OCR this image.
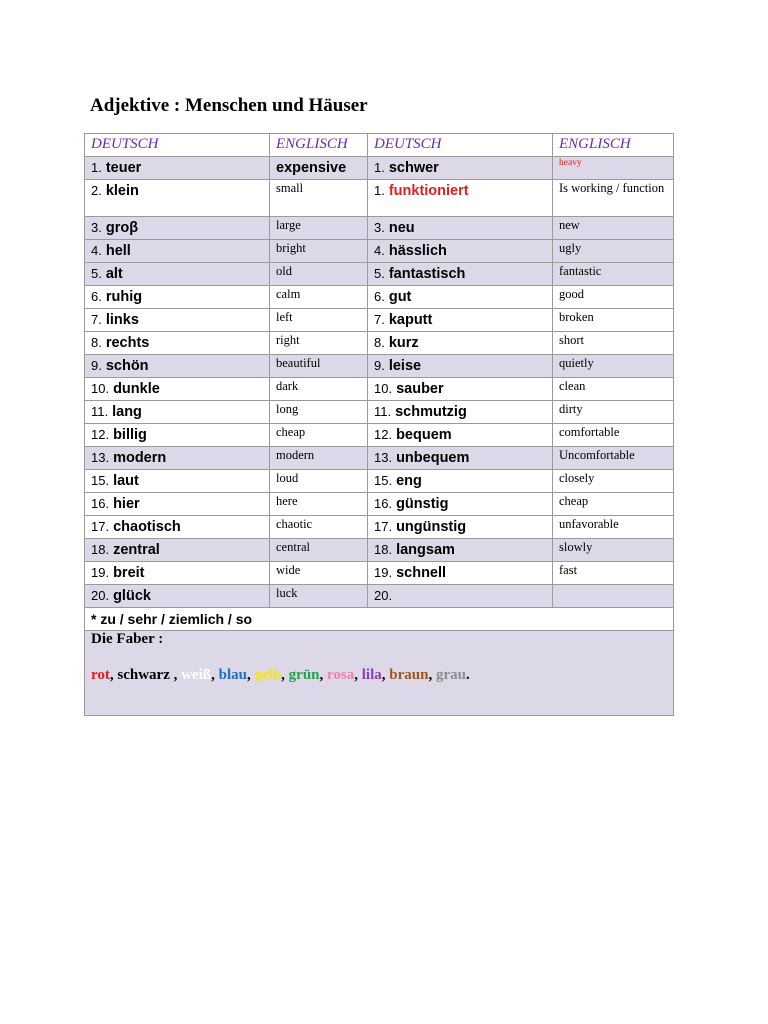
Adjektive : Menschen und Häuser
DEUTSCH	ENGLISCH	DEUTSCH	ENGLISCH
1. teuer	expensive	1. schwer	heavy
2. klein	small	1. funktioniert	Is working / function
3. groβ	large	3. neu	new
4. hell	bright	4. hässlich	ugly
5. alt	old	5. fantastisch	fantastic
6. ruhig	calm	6. gut	good
7. links	left	7. kaputt	broken
8. rechts	right	8. kurz	short
9. schön	beautiful	9. leise	quietly
10. dunkle	dark	10. sauber	clean
11. lang	long	11. schmutzig	dirty
12. billig	cheap	12. bequem	comfortable
13. modern	modern	13. unbequem	Uncomfortable
15. laut	loud	15. eng	closely
16. hier	here	16. günstig	cheap
17. chaotisch	chaotic	17. ungünstig	unfavorable
18. zentral	central	18. langsam	slowly
19. breit	wide	19. schnell	fast
20. glück	luck	20.	
* zu / sehr / ziemlich / so			

Die Faber :
rot, schwarz , weiß, blau, gelb, grün, rosa, lila, braun, grau.			
